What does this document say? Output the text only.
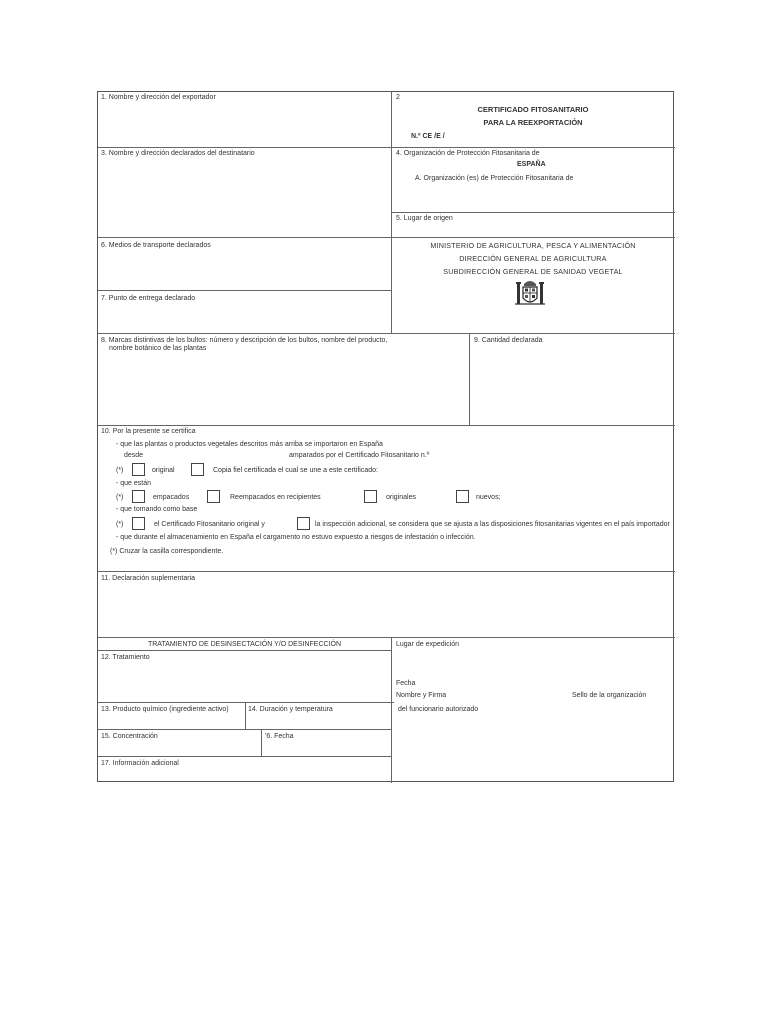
1. Nombre y dirección del exportador	2
CERTIFICADO FITOSANITARIO
PARA LA REEXPORTACIÓN
N.º CE /E /
3. Nombre y dirección declarados del destinatario	4. Organización de Protección Fitosanitaria de
ESPAÑA
A. Organización (es) de Protección Fitosanitaria de
5. Lugar de origen
6. Medios de transporte declarados	MINISTERIO DE AGRICULTURA, PESCA Y ALIMENTACIÓN
DIRECCIÓN GENERAL DE AGRICULTURA
SUBDIRECCIÓN GENERAL DE SANIDAD VEGETAL
7. Punto de entrega declarado
8. Marcas distintivas de los bultos: número y descripción de los bultos, nombre del producto,
nombre botánico de las plantas
9. Cantidad declarada
10. Por la presente se certifica
- que las plantas o productos vegetales descritos más arriba se importaron en España
desde	amparados por el Certificado Fitosanitario n.º
(*)	original	Copia fiel certificada el cual se une a este certificado:
- que están
(*)	empacados	Reempacados en recipientes	originales	nuevos;
- que tomando como base
(*)	el Certificado Fitosanitario original y	la inspección adicional, se considera que se ajusta a las disposiciones fitosanitarias vigentes en el país importador
- que durante el almacenamiento en España el cargamento no estuvo expuesto a riesgos de infestación o infección.
(*) Cruzar la casilla correspondiente.
11. Declaración suplementaria
TRATAMIENTO DE DESINSECTACIÓN Y/O DESINFECCIÓN
12. Tratamiento
13. Producto químico (ingrediente activo)	14. Duración y temperatura
15. Concentración	'6. Fecha
17. Información adicional
Lugar de expedición
Fecha
Nombre y Firma	Sello de la organización
del funcionario autorizado
